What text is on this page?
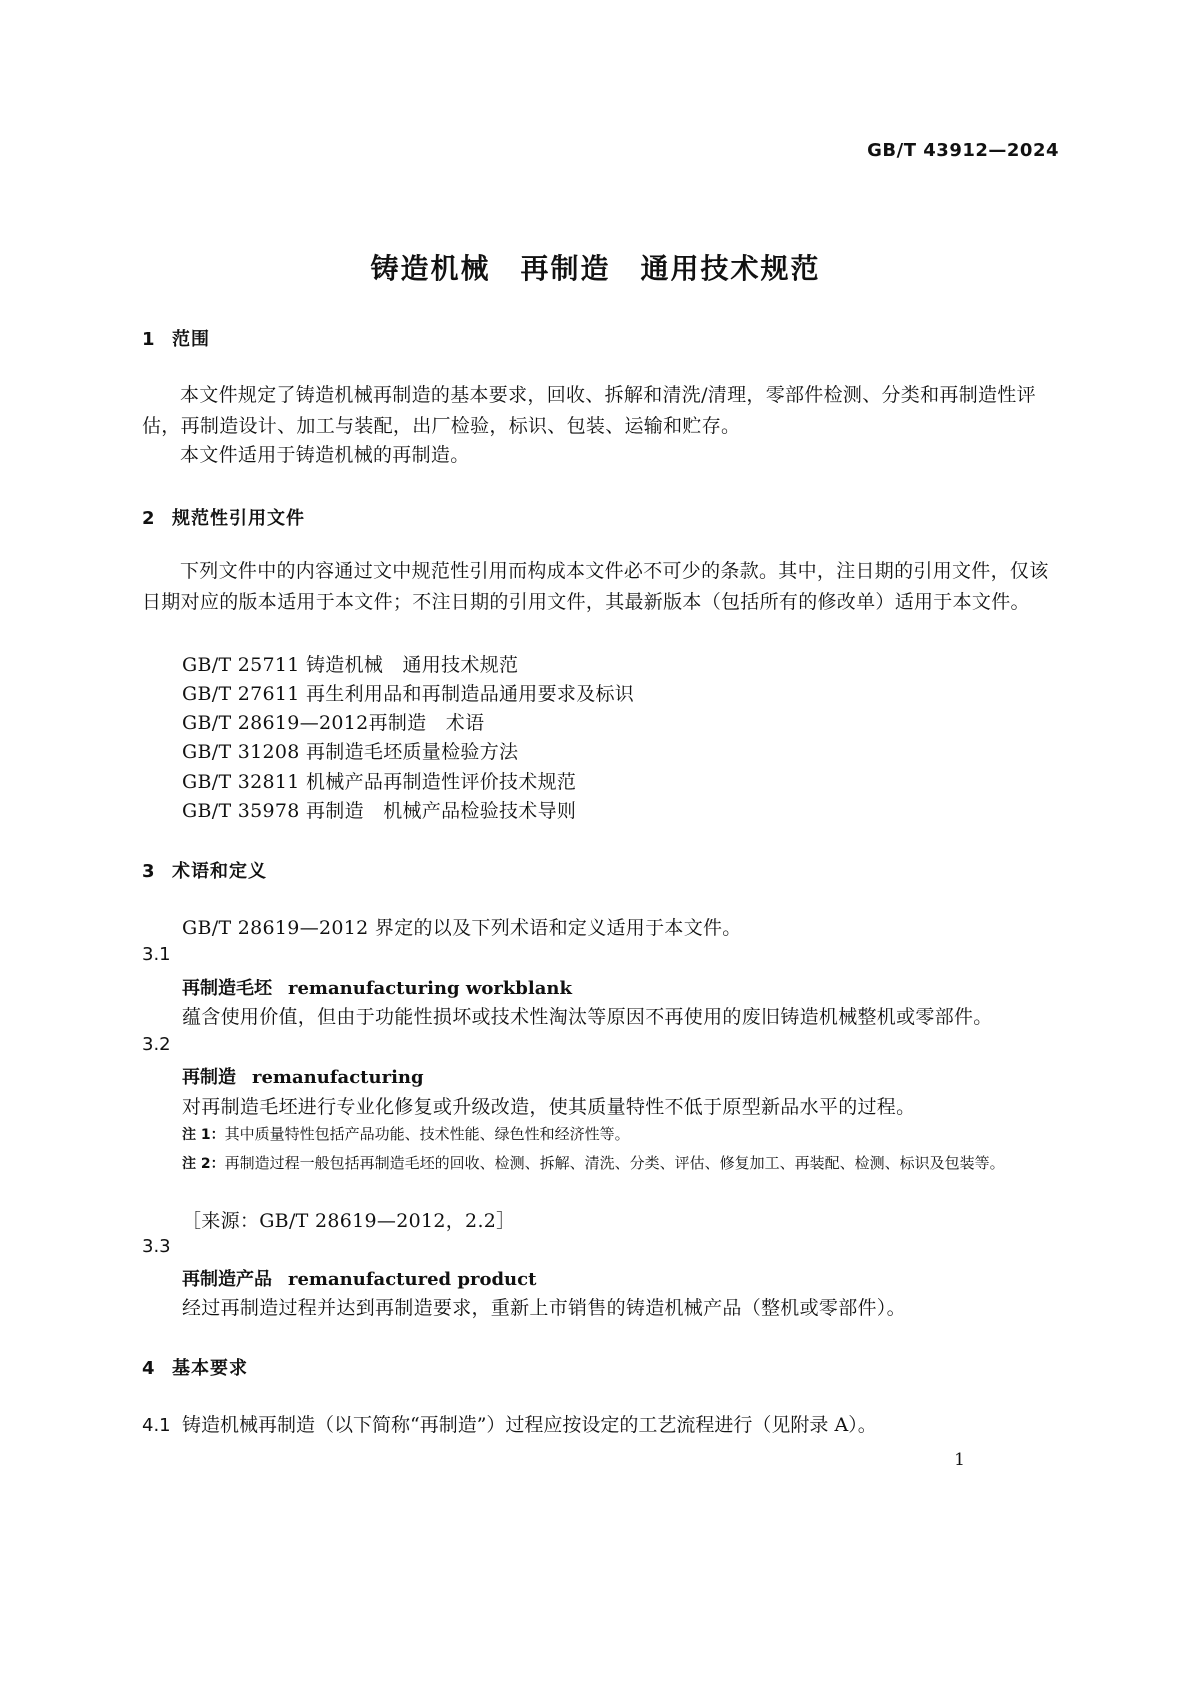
GB/T 43912—2024
铸造机械　再制造　通用技术规范
1 范围
本文件规定了铸造机械再制造的基本要求，回收、拆解和清洗/清理，零部件检测、分类和再制造性评估，再制造设计、加工与装配，出厂检验，标识、包装、运输和贮存。
本文件适用于铸造机械的再制造。
2 规范性引用文件
下列文件中的内容通过文中规范性引用而构成本文件必不可少的条款。其中，注日期的引用文件，仅该日期对应的版本适用于本文件；不注日期的引用文件，其最新版本（包括所有的修改单）适用于本文件。
GB/T 25711 铸造机械　通用技术规范
GB/T 27611 再生利用品和再制造品通用要求及标识
GB/T 28619—2012再制造　术语
GB/T 31208 再制造毛坯质量检验方法
GB/T 32811 机械产品再制造性评价技术规范
GB/T 35978 再制造　机械产品检验技术导则
3 术语和定义
GB/T 28619—2012 界定的以及下列术语和定义适用于本文件。
3.1
再制造毛坯 remanufacturing workblank
蕴含使用价值，但由于功能性损坏或技术性淘汰等原因不再使用的废旧铸造机械整机或零部件。
3.2
再制造 remanufacturing
对再制造毛坯进行专业化修复或升级改造，使其质量特性不低于原型新品水平的过程。
注 1：其中质量特性包括产品功能、技术性能、绿色性和经济性等。
注 2：再制造过程一般包括再制造毛坯的回收、检测、拆解、清洗、分类、评估、修复加工、再装配、检测、标识及包装等。
［来源：GB/T 28619—2012，2.2］
3.3
再制造产品 remanufactured product
经过再制造过程并达到再制造要求，重新上市销售的铸造机械产品（整机或零部件）。
4 基本要求
4.1 铸造机械再制造（以下简称“再制造”）过程应按设定的工艺流程进行（见附录 A）。
1
